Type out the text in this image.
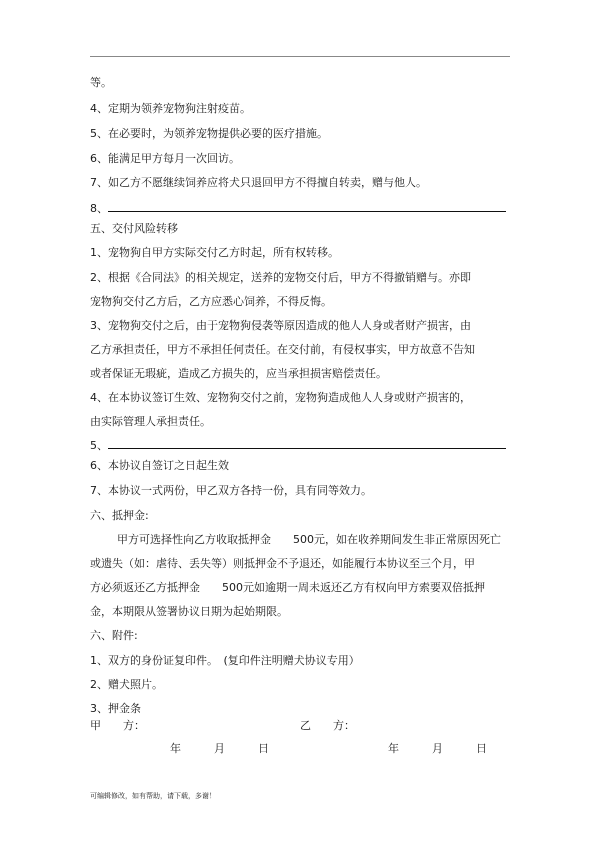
等。
4、定期为领养宠物狗注射疫苗。
5、在必要时，为领养宠物提供必要的医疗措施。
6、能满足甲方每月一次回访。
7、如乙方不愿继续饲养应将犬只退回甲方不得擅自转卖，赠与他人。
8、
五、交付风险转移
1、宠物狗自甲方实际交付乙方时起，所有权转移。
2、根据《合同法》的相关规定，送养的宠物交付后，甲方不得撤销赠与。亦即
宠物狗交付乙方后，乙方应悉心饲养，不得反悔。
3、宠物狗交付之后，由于宠物狗侵袭等原因造成的他人人身或者财产损害，由
乙方承担责任，甲方不承担任何责任。在交付前，有侵权事实，甲方故意不告知
或者保证无瑕疵，造成乙方损失的，应当承担损害赔偿责任。
4、在本协议签订生效、宠物狗交付之前，宠物狗造成他人人身或财产损害的，
由实际管理人承担责任。
5、
6、本协议自签订之日起生效
7、本协议一式两份，甲乙双方各持一份，具有同等效力。
六、抵押金:
甲方可选择性向乙方收取抵押金　　500元，如在收养期间发生非正常原因死亡
或遗失（如：虐待、丢失等）则抵押金不予退还，如能履行本协议至三个月，甲
方必须返还乙方抵押金　　500元如逾期一周未返还乙方有权向甲方索要双倍抵押
金，本期限从签署协议日期为起始期限。
六、附件:
1、双方的身份证复印件。　(复印件注明赠犬协议专用）
2、赠犬照片。
3、押金条
甲　　方：	乙　　方：
年	月	日	年	月	日
可编辑修改，如有帮助，请下载，多谢！
